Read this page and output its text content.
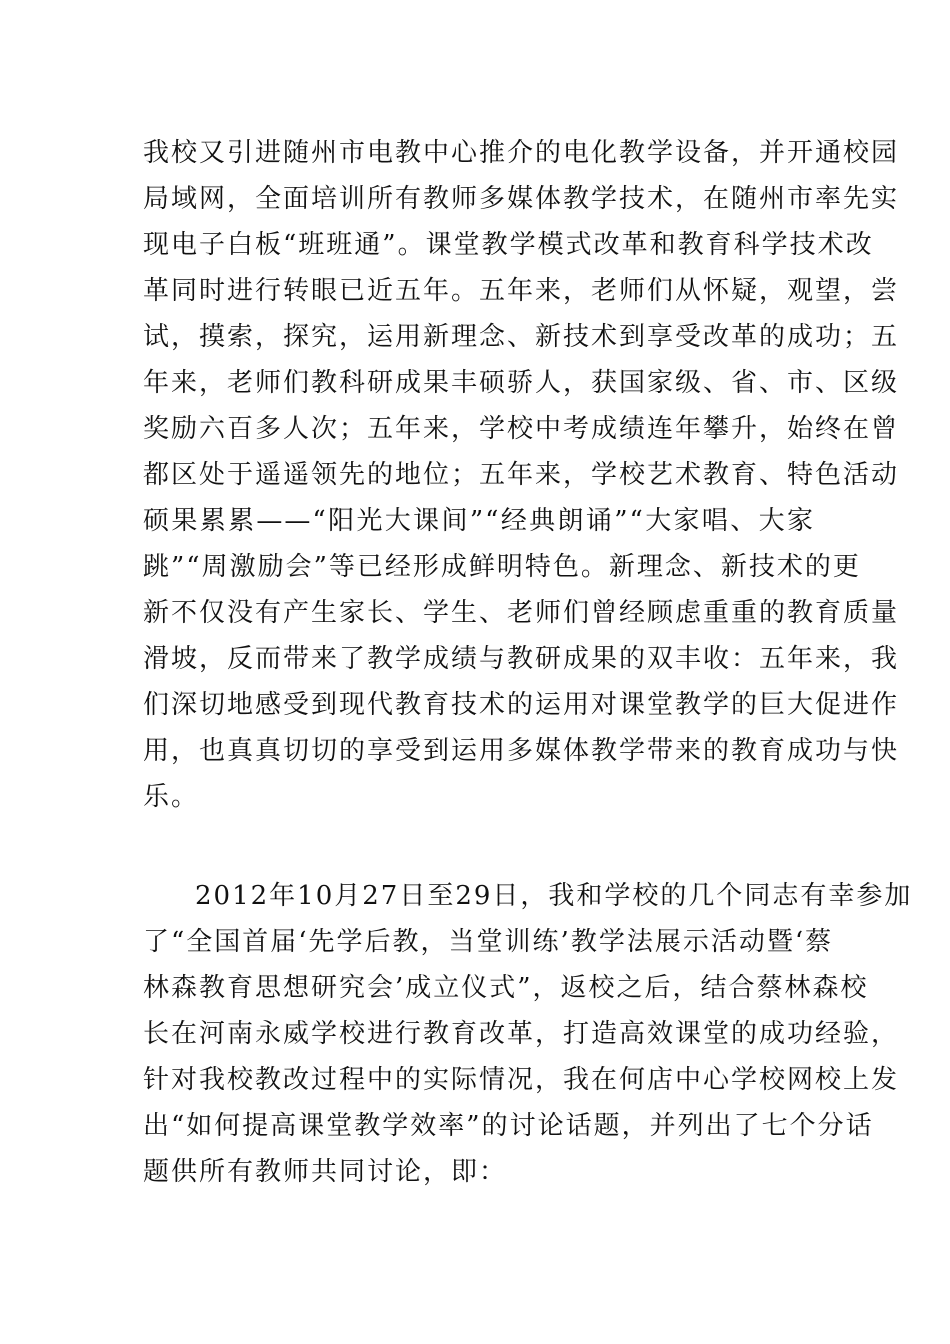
我校又引进随州市电教中心推介的电化教学设备，并开通校园
局域网，全面培训所有教师多媒体教学技术，在随州市率先实
现电子白板“班班通”。课堂教学模式改革和教育科学技术改
革同时进行转眼已近五年。五年来，老师们从怀疑，观望，尝
试，摸索，探究，运用新理念、新技术到享受改革的成功；五
年来，老师们教科研成果丰硕骄人，获国家级、省、市、区级
奖励六百多人次；五年来，学校中考成绩连年攀升，始终在曾
都区处于遥遥领先的地位；五年来，学校艺术教育、特色活动
硕果累累——“阳光大课间”“经典朗诵”“大家唱、大家
跳”“周激励会”等已经形成鲜明特色。新理念、新技术的更
新不仅没有产生家长、学生、老师们曾经顾虑重重的教育质量
滑坡，反而带来了教学成绩与教研成果的双丰收：五年来，我
们深切地感受到现代教育技术的运用对课堂教学的巨大促进作
用，也真真切切的享受到运用多媒体教学带来的教育成功与快
乐。
2012年10月27日至29日，我和学校的几个同志有幸参加
了“全国首届‘先学后教，当堂训练’教学法展示活动暨‘蔡
林森教育思想研究会’成立仪式”，返校之后，结合蔡林森校
长在河南永威学校进行教育改革，打造高效课堂的成功经验，
针对我校教改过程中的实际情况，我在何店中心学校网校上发
出“如何提高课堂教学效率”的讨论话题，并列出了七个分话
题供所有教师共同讨论，即：
